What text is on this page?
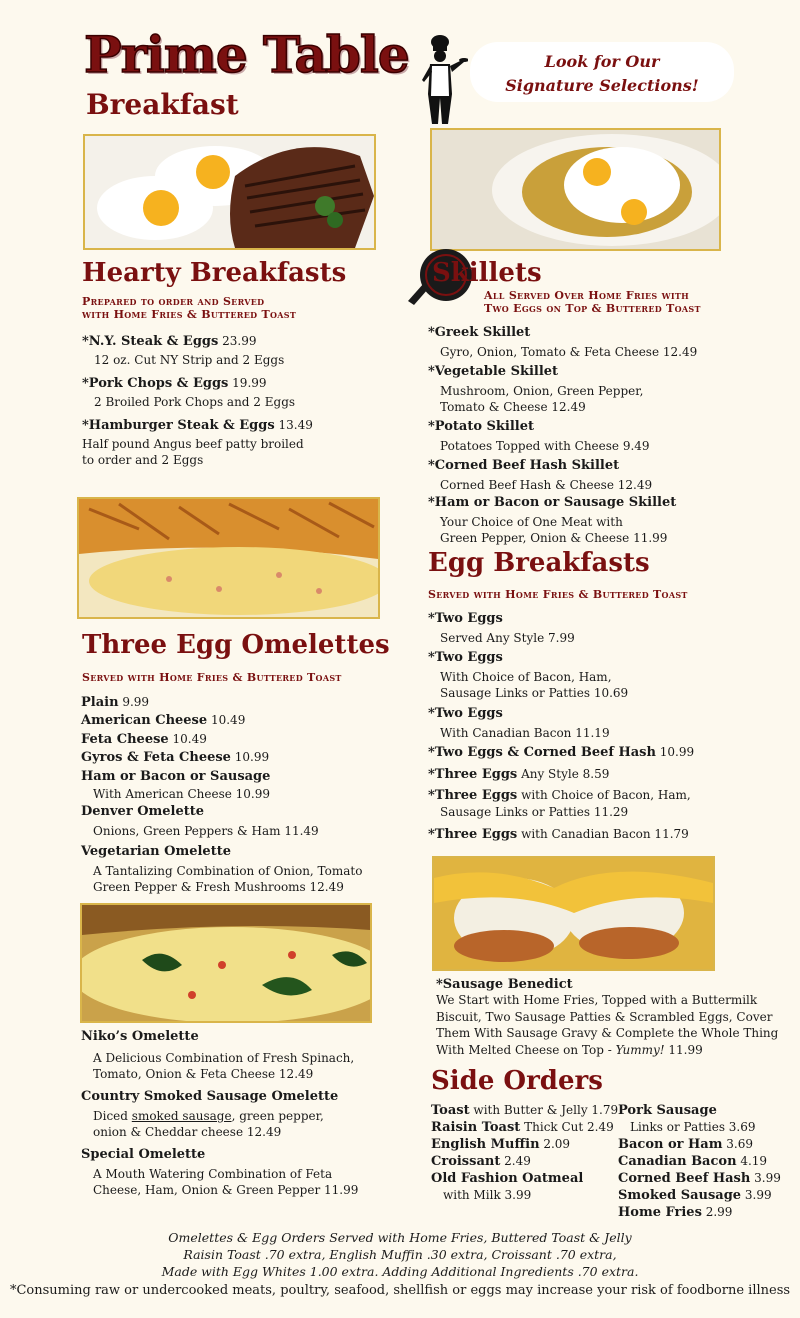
Prime Table
Breakfast
Look for Our
Signature Selections!
Hearty Breakfasts
Prepared to order and Served
with Home Fries & Buttered Toast
*N.Y. Steak & Eggs 23.99
12 oz. Cut NY Strip and 2 Eggs
*Pork Chops & Eggs 19.99
2 Broiled Pork Chops and 2 Eggs
*Hamburger Steak & Eggs 13.49
Half pound Angus beef patty broiled
to order and 2 Eggs
Three Egg Omelettes
Served with Home Fries & Buttered Toast
Plain 9.99
American Cheese 10.49
Feta Cheese 10.49
Gyros & Feta Cheese 10.99
Ham or Bacon or Sausage
With American Cheese 10.99
Denver Omelette
Onions, Green Peppers & Ham 11.49
Vegetarian Omelette
A Tantalizing Combination of Onion, Tomato
Green Pepper & Fresh Mushrooms 12.49
Niko’s Omelette
A Delicious Combination of Fresh Spinach,
Tomato, Onion & Feta Cheese 12.49
Country Smoked Sausage Omelette
Diced smoked sausage, green pepper,
onion & Cheddar cheese 12.49
Special Omelette
A Mouth Watering Combination of Feta
Cheese, Ham, Onion & Green Pepper 11.99
Skillets
All Served Over Home Fries with
Two Eggs on Top & Buttered Toast
*Greek Skillet
Gyro, Onion, Tomato & Feta Cheese 12.49
*Vegetable Skillet
Mushroom, Onion, Green Pepper,
Tomato & Cheese 12.49
*Potato Skillet
Potatoes Topped with Cheese 9.49
*Corned Beef Hash Skillet
Corned Beef Hash & Cheese 12.49
*Ham or Bacon or Sausage Skillet
Your Choice of One Meat with
Green Pepper, Onion & Cheese 11.99
Egg Breakfasts
Served with Home Fries & Buttered Toast
*Two Eggs
Served Any Style 7.99
*Two Eggs
With Choice of Bacon, Ham,
Sausage Links or Patties 10.69
*Two Eggs
With Canadian Bacon 11.19
*Two Eggs & Corned Beef Hash 10.99
*Three Eggs Any Style 8.59
*Three Eggs with Choice of Bacon, Ham,
Sausage Links or Patties 11.29
*Three Eggs with Canadian Bacon 11.79
*Sausage Benedict
We Start with Home Fries, Topped with a Buttermilk
Biscuit, Two Sausage Patties & Scrambled Eggs, Cover
Them With Sausage Gravy & Complete the Whole Thing
With Melted Cheese on Top - Yummy! 11.99
Side Orders
Toast with Butter & Jelly 1.79
Raisin Toast Thick Cut 2.49
English Muffin 2.09
Croissant 2.49
Old Fashion Oatmeal
with Milk 3.99
Pork Sausage
Links or Patties 3.69
Bacon or Ham 3.69
Canadian Bacon 4.19
Corned Beef Hash 3.99
Smoked Sausage 3.99
Home Fries 2.99
Omelettes & Egg Orders Served with Home Fries, Buttered Toast & Jelly
Raisin Toast .70 extra, English Muffin .30 extra, Croissant .70 extra,
Made with Egg Whites 1.00 extra. Adding Additional Ingredients .70 extra.
*Consuming raw or undercooked meats, poultry, seafood, shellfish or eggs may increase your risk of foodborne illness
